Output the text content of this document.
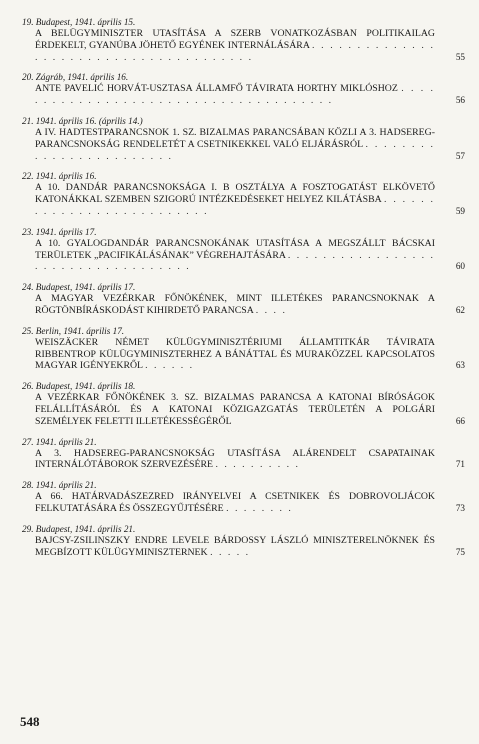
19. Budapest, 1941. április 15.
A BELÜGYMINISZTER UTASÍTÁSA A SZERB VONATKOZÁSBAN POLITIKAILAG ÉRDEKELT, GYANÚBA JÖHETŐ EGYÉNEK INTERNÁLÁSÁRA . . . . . . . . . . . . . . . . . . . . . . . . . . . . . . . . . . . . . . .	55
20. Zágráb, 1941. április 16.
ANTE PAVELIĆ HORVÁT-USZTASA ÁLLAMFŐ TÁVIRATA HORTHY MIKLÓSHOZ . . . . . . . . . . . . . . . . . . . . . . . . . . . . . . . . . . . . . .	56
21. 1941. április 16. (április 14.)
A IV. HADTESTPARANCSNOK 1. SZ. BIZALMAS PARANCSÁBAN KÖZLI A 3. HADSEREG-PARANCSNOKSÁG RENDELETÉT A CSETNIKEKKEL VALÓ ELJÁRÁSRÓL . . . . . . . . . . . . . . . . . . . . . . . .	57
22. 1941. április 16.
A 10. DANDÁR PARANCSNOKSÁGA I. B OSZTÁLYA A FOSZTOGATÁST ELKÖVETŐ KATONÁKKAL SZEMBEN SZIGORÚ INTÉZKEDÉSEKET HELYEZ KILÁTÁSBA . . . . . . . . . . . . . . . . . . . . . . . . . .	59
23. 1941. április 17.
A 10. GYALOGDANDÁR PARANCSNOKÁNAK UTASÍTÁSA A MEGSZÁLLT BÁCSKAI TERÜLETEK „PACIFIKÁLÁSÁNAK” VÉGREHAJTÁSÁRA . . . . . . . . . . . . . . . . . . . . . . . . . . . . . . . . . . .	60
24. Budapest, 1941. április 17.
A MAGYAR VEZÉRKAR FŐNÖKÉNEK, MINT ILLETÉKES PARANCSNOKNAK A RÖGTÖNBÍRÁSKODÁST KIHIRDETŐ PARANCSA . . . .	62
25. Berlin, 1941. április 17.
WEISZÄCKER NÉMET KÜLÜGYMINISZTÉRIUMI ÁLLAMTITKÁR TÁVIRATA RIBBENTROP KÜLÜGYMINISZTERHEZ A BÁNÁTTAL ÉS MURAKÖZZEL KAPCSOLATOS MAGYAR IGÉNYEKRŐL . . . . . .	63
26. Budapest, 1941. április 18.
A VEZÉRKAR FŐNÖKÉNEK 3. SZ. BIZALMAS PARANCSA A KATONAI BÍRÓSÁGOK FELÁLLÍTÁSÁRÓL ÉS A KATONAI KÖZIGAZGATÁS TERÜLETÉN A POLGÁRI SZEMÉLYEK FELETTI ILLETÉKESSÉGÉRŐL	66
27. 1941. április 21.
A 3. HADSEREG-PARANCSNOKSÁG UTASÍTÁSA ALÁRENDELT CSAPATAINAK INTERNÁLÓTÁBOROK SZERVEZÉSÉRE . . . . . . . . . .	71
28. 1941. április 21.
A 66. HATÁRVADÁSZEZRED IRÁNYELVEI A CSETNIKEK ÉS DOBROVOLJÁCOK FELKUTATÁSÁRA ÉS ÖSSZEGYŰJTÉSÉRE . . . . . . . .	73
29. Budapest, 1941. április 21.
BAJCSY-ZSILINSZKY ENDRE LEVELE BÁRDOSSY LÁSZLÓ MINISZTERELNÖKNEK ÉS MEGBÍZOTT KÜLÜGYMINISZTERNEK . . . . .	75
548
